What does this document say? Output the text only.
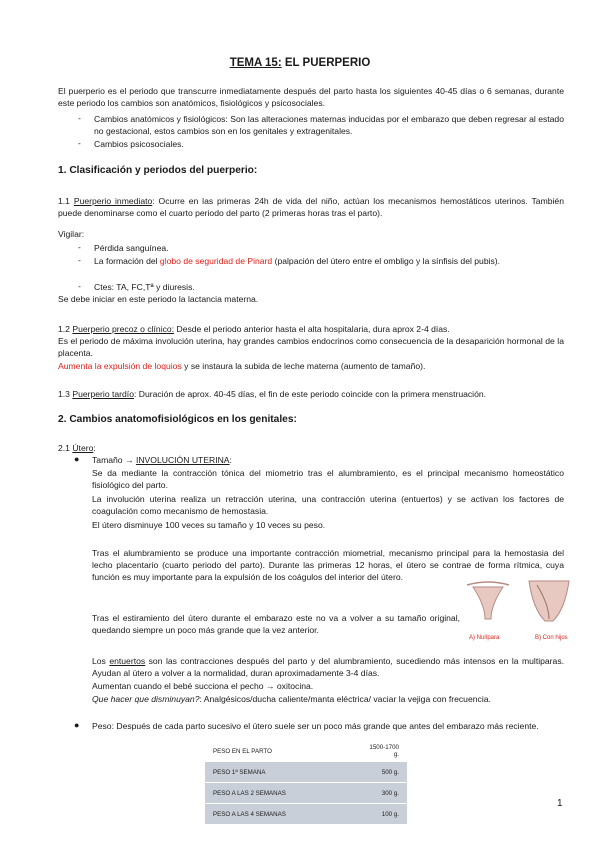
TEMA 15: EL PUERPERIO
El puerperio es el periodo que transcurre inmediatamente después del parto hasta los siguientes 40-45 días o 6 semanas, durante este periodo los cambios son anatómicos, fisiológicos y psicosociales.
- Cambios anatómicos y fisiológicos: Son las alteraciones maternas inducidas por el embarazo que deben regresar al estado no gestacional, estos cambios son en los genitales y extragenitales.
- Cambios psicosociales.
1. Clasificación y periodos del puerperio:
1.1 Puerperio inmediato: Ocurre en las primeras 24h de vida del niño, actúan los mecanismos hemostáticos uterinos. También puede denominarse como el cuarto periodo del parto (2 primeras horas tras el parto).
Vigilar:
- Pérdida sanguínea.
- La formación del globo de seguridad de Pinard (palpación del útero entre el ombligo y la sínfisis del pubis).
- Ctes: TA, FC,Tª y diuresis.
Se debe iniciar en este periodo la lactancia materna.
1.2 Puerperio precoz o clínico: Desde el periodo anterior hasta el alta hospitalaria, dura aprox 2-4 días.
Es el periodo de máxima involución uterina, hay grandes cambios endocrinos como consecuencia de la desaparición hormonal de la placenta.
Aumenta la expulsión de loquios y se instaura la subida de leche materna (aumento de tamaño).
1.3 Puerperio tardío: Duración de aprox. 40-45 días, el fin de este periodo coincide con la primera menstruación.
2. Cambios anatomofisiológicos en los genitales:
2.1 Útero:
● Tamaño → INVOLUCIÓN UTERINA:
Se da mediante la contracción tónica del miometrio tras el alumbramiento, es el principal mecanismo homeostático fisiológico del parto.
La involución uterina realiza un retracción uterina, una contracción uterina (entuertos) y se activan los factores de coagulación como mecanismo de hemostasia.
El útero disminuye 100 veces su tamaño y 10 veces su peso.
Tras el alumbramiento se produce una importante contracción miometrial, mecanismo principal para la hemostasia del lecho placentario (cuarto periodo del parto). Durante las primeras 12 horas, el útero se contrae de forma rítmica, cuya función es muy importante para la expulsión de los coágulos del interior del útero.
Tras el estiramiento del útero durante el embarazo este no va a volver a su tamaño original, quedando siempre un poco más grande que la vez anterior.
Los entuertos son las contracciones después del parto y del alumbramiento, sucediendo más intensos en la multiparas. Ayudan al útero a volver a la normalidad, duran aproximadamente 3-4 días.
Aumentan cuando el bebé succiona el pecho → oxitocina.
Que hacer que disminuyan?: Analgésicos/ducha caliente/manta eléctrica/ vaciar la vejiga con frecuencia.
● Peso: Después de cada parto sucesivo el útero suele ser un poco más grande que antes del embarazo más reciente.
A) Nulípara	B) Con hijos
PESO EN EL PARTO	1500-1700 g.
PESO 1ª SEMANA	500 g.
PESO A LAS 2 SEMANAS	300 g.
PESO A LAS 4 SEMANAS	100 g.
1
